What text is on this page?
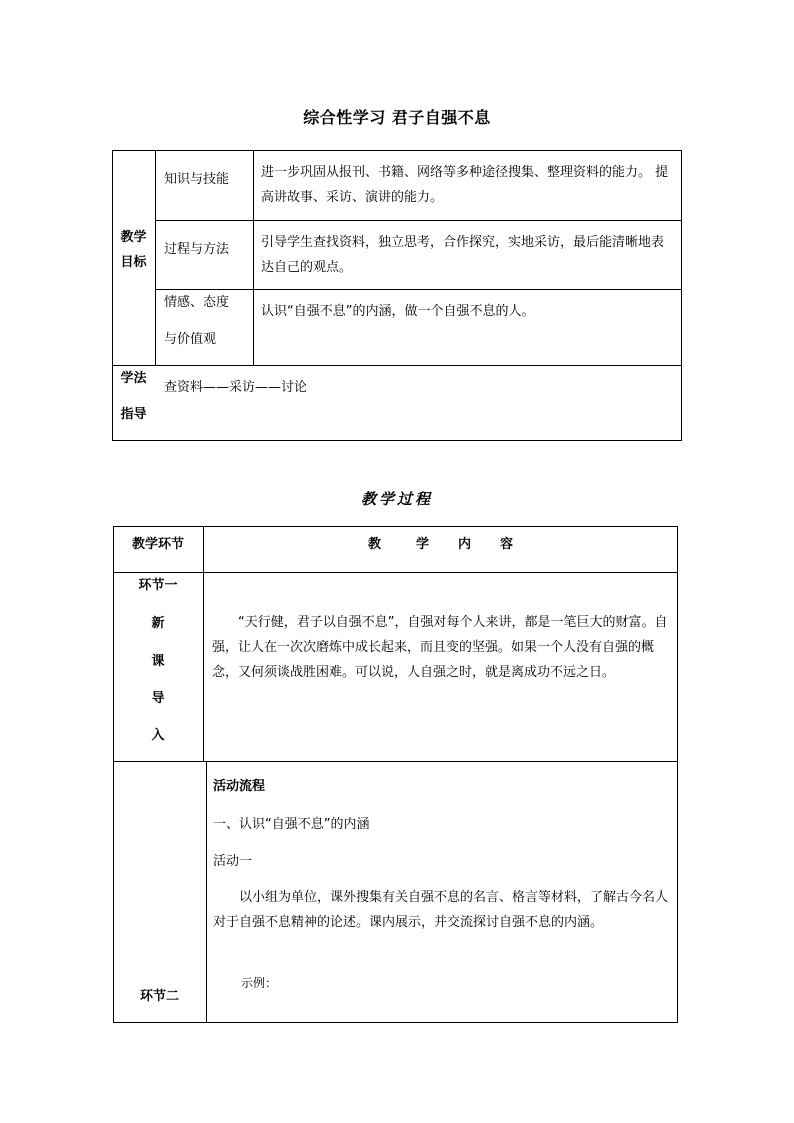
综合性学习 君子自强不息
教学
目标
知识与技能 进一步巩固从报刊、书籍、网络等多种途径搜集、整理资料的能力。 提高讲故事、采访、演讲的能力。
过程与方法 引导学生查找资料，独立思考，合作探究，实地采访，最后能清晰地表达自己的观点。
情感、态度
与价值观
认识“自强不息”的内涵，做一个自强不息的人。
学法
指导
查资料——采访——讨论
教学过程
教学环节	教	学 内 容
环节一
新
课
导
入
“天行健，君子以自强不息”，自强对每个人来讲，都是一笔巨大的财富。自强，让人在一次次磨炼中成长起来，而且变的坚强。如果一个人没有自强的概念，又何须谈战胜困难。可以说，人自强之时，就是离成功不远之日。
环节二
活动流程
一、认识“自强不息”的内涵
活动一
以小组为单位，课外搜集有关自强不息的名言、格言等材料，了解古今名人对于自强不息精神的论述。课内展示，并交流探讨自强不息的内涵。
示例：
